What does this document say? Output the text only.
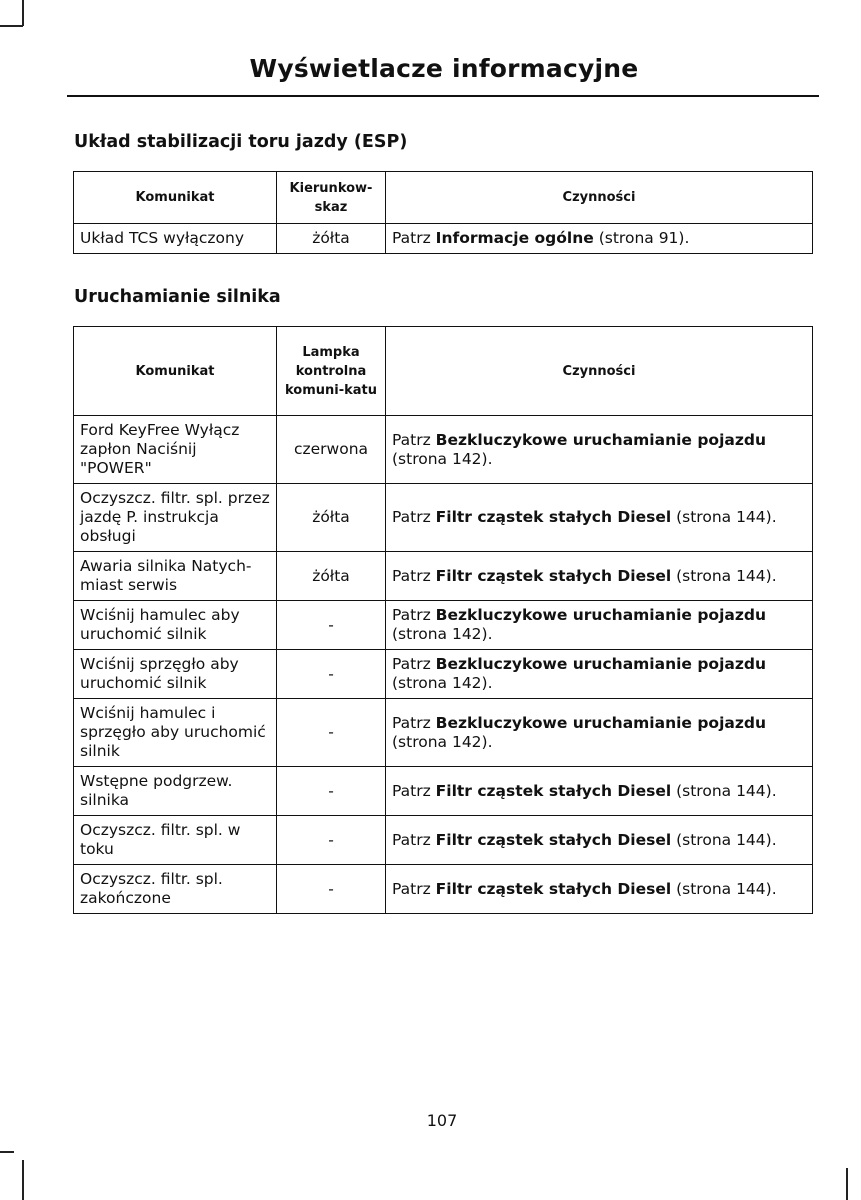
Wyświetlacze informacyjne
Układ stabilizacji toru jazdy (ESP)
Komunikat	Kierunkow-skaz	Czynności
Układ TCS wyłączony	żółta	Patrz Informacje ogólne (strona 91).
Uruchamianie silnika
Komunikat	Lampka kontrolna komuni-katu	Czynności
Ford KeyFree Wyłącz zapłon Naciśnij "POWER"	czerwona	Patrz Bezkluczykowe uruchamianie pojazdu (strona 142).
Oczyszcz. filtr. spl. przez jazdę P. instrukcja obsługi	żółta	Patrz Filtr cząstek stałych Diesel (strona 144).
Awaria silnika Natych-miast serwis	żółta	Patrz Filtr cząstek stałych Diesel (strona 144).
Wciśnij hamulec aby uruchomić silnik	-	Patrz Bezkluczykowe uruchamianie pojazdu (strona 142).
Wciśnij sprzęgło aby uruchomić silnik	-	Patrz Bezkluczykowe uruchamianie pojazdu (strona 142).
Wciśnij hamulec i sprzęgło aby uruchomić silnik	-	Patrz Bezkluczykowe uruchamianie pojazdu (strona 142).
Wstępne podgrzew. silnika	-	Patrz Filtr cząstek stałych Diesel (strona 144).
Oczyszcz. filtr. spl. w toku	-	Patrz Filtr cząstek stałych Diesel (strona 144).
Oczyszcz. filtr. spl. zakończone	-	Patrz Filtr cząstek stałych Diesel (strona 144).
107
